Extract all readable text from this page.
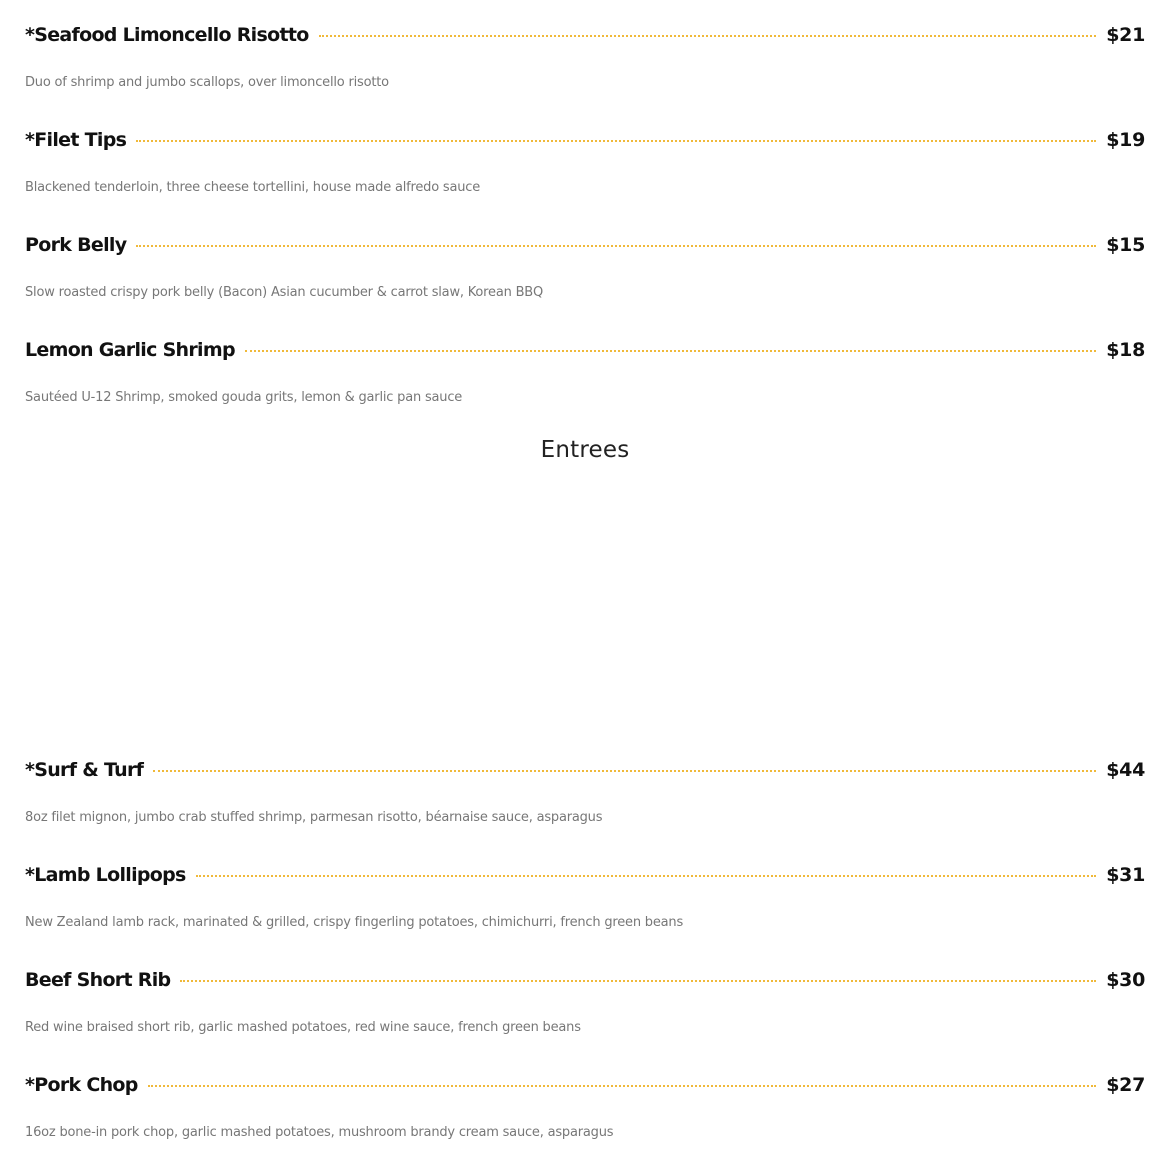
*Seafood Limoncello Risotto	$21
Duo of shrimp and jumbo scallops, over limoncello risotto
*Filet Tips	$19
Blackened tenderloin, three cheese tortellini, house made alfredo sauce
Pork Belly	$15
Slow roasted crispy pork belly (Bacon) Asian cucumber & carrot slaw, Korean BBQ
Lemon Garlic Shrimp	$18
Sautéed U-12 Shrimp, smoked gouda grits, lemon & garlic pan sauce
Entrees
*Surf & Turf	$44
8oz filet mignon, jumbo crab stuffed shrimp, parmesan risotto, béarnaise sauce, asparagus
*Lamb Lollipops	$31
New Zealand lamb rack, marinated & grilled, crispy fingerling potatoes, chimichurri, french green beans
Beef Short Rib	$30
Red wine braised short rib, garlic mashed potatoes, red wine sauce, french green beans
*Pork Chop	$27
16oz bone-in pork chop, garlic mashed potatoes, mushroom brandy cream sauce, asparagus
